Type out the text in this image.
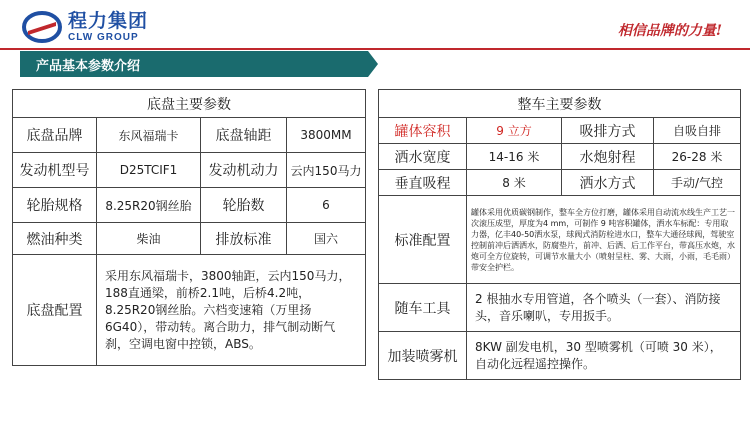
程力集团
CLW GROUP	相信品牌的力量!
产品基本参数介绍
底盘主要参数			
底盘品牌	东风福瑞卡	底盘轴距	3800MM
发动机型号	D25TCIF1	发动机动力	云内150马力
轮胎规格	8.25R20钢丝胎	轮胎数	6
燃油种类	柴油	排放标准	国六
底盘配置	采用东风福瑞卡，3800轴距，云内150马力，188直通梁，前桥2.1吨，后桥4.2吨，8.25R20钢丝胎。六档变速箱（万里扬6G40），带动转。离合助力，排气制动断气刹，空调电窗中控锁，ABS。		
整车主要参数			
罐体容积	9 立方	吸排方式	自吸自排
洒水宽度	14-16 米	水炮射程	26-28 米
垂直吸程	8 米	洒水方式	手动/气控
标准配置	罐体采用优质碳钢制作，整车全方位打磨，罐体采用自动流水线生产工艺一次滚压成型，厚度为4 mm，可制作 9 吨容积罐体，洒水车标配：专用取力器，亿丰40-50洒水泵，球阀式消防栓进水口，整车大通径球阀，驾驶室控制前冲后洒洒水，防腐垫片，前冲、后洒、后工作平台，带高压水炮，水炮可全方位旋转，可调节水量大小（喷射呈柱、雾、大雨，小雨，毛毛雨）带安全护栏。		
随车工具	2 根抽水专用管道，各个喷头（一套）、消防接头，音乐喇叭，专用扳手。		
加装喷雾机	8KW 副发电机，30 型喷雾机（可喷 30 米），自动化远程遥控操作。		
